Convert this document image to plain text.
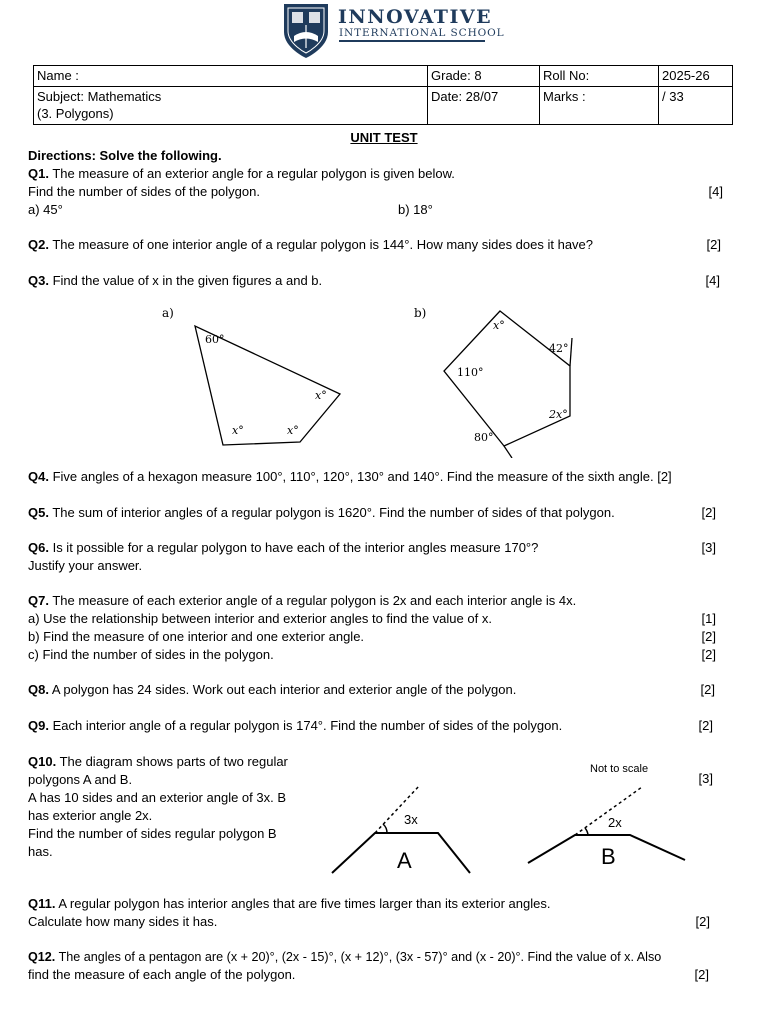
INNOVATIVE
INTERNATIONAL SCHOOL
Name :	Grade: 8	Roll No:	2025-26

Subject: Mathematics
(3. Polygons)	Date: 28/07	Marks :	/ 33
UNIT TEST
Directions: Solve the following.
Q1. The measure of an exterior angle for a regular polygon is given below.
Find the number of sides of the polygon.	[4]
a) 45°	b) 18°
Q2. The measure of one interior angle of a regular polygon is 144°. How many sides does it have?	[2]
Q3. Find the value of x in the given figures a and b.	[4]
a)
60°
x°
x°	x°
b)
x°
42°
110°
2x°
80°
Q4. Five angles of a hexagon measure 100°, 110°, 120°, 130° and 140°. Find the measure of the sixth angle. [2]
Q5. The sum of interior angles of a regular polygon is 1620°. Find the number of sides of that polygon.	[2]
Q6. Is it possible for a regular polygon to have each of the interior angles measure 170°?	[3]
Justify your answer.
Q7. The measure of each exterior angle of a regular polygon is 2x and each interior angle is 4x.
a) Use the relationship between interior and exterior angles to find the value of x.	[1]
b) Find the measure of one interior and one exterior angle.	[2]
c) Find the number of sides in the polygon.	[2]
Q8. A polygon has 24 sides. Work out each interior and exterior angle of the polygon.	[2]
Q9. Each interior angle of a regular polygon is 174°. Find the number of sides of the polygon.	[2]
Q10. The diagram shows parts of two regular
polygons A and B.
A has 10 sides and an exterior angle of 3x. B
has exterior angle 2x.
Find the number of sides regular polygon B
has.
[3]
Not to scale
3x
A
2x
B
Q11. A regular polygon has interior angles that are five times larger than its exterior angles.
Calculate how many sides it has.	[2]
Q12. The angles of a pentagon are (x + 20)°, (2x - 15)°, (x + 12)°, (3x - 57)° and (x - 20)°. Find the value of x. Also
find the measure of each angle of the polygon.	[2]
